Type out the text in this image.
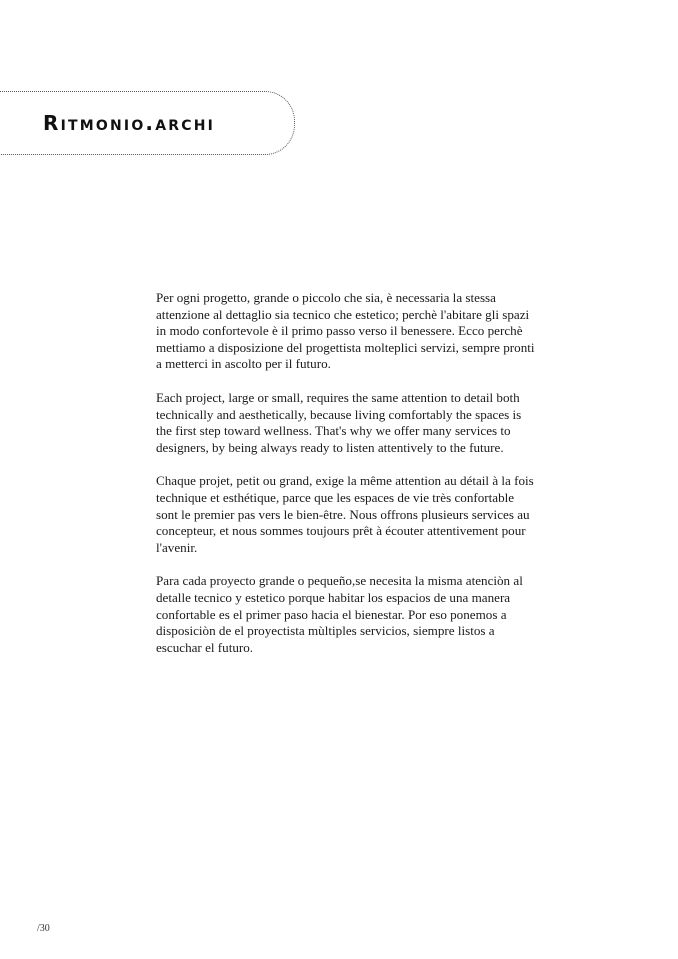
Ritmonio.archi

Per ogni progetto, grande o piccolo che sia, è necessaria la stessa attenzione al dettaglio sia tecnico che estetico; perchè l'abitare gli spazi in modo confortevole è il primo passo verso il benessere. Ecco perchè mettiamo a disposizione del progettista molteplici servizi, sempre pronti a metterci in ascolto per il futuro.

Each project, large or small, requires the same attention to detail both technically and aesthetically, because living comfortably the spaces is the first step toward wellness. That's why we offer many services to designers, by being always ready to listen attentively to the future.

Chaque projet, petit ou grand, exige la même attention au détail à la fois technique et esthétique, parce que les espaces de vie très confortable sont le premier pas vers le bien-être. Nous offrons plusieurs services au concepteur, et nous sommes toujours prêt à écouter attentivement pour l'avenir.

Para cada proyecto grande o pequeño,se necesita la misma atenciòn al detalle tecnico y estetico porque habitar los espacios de una manera confortable es el primer paso hacia el bienestar. Por eso ponemos a disposiciòn de el proyectista mùltiples servicios, siempre listos a escuchar el futuro.

/30
